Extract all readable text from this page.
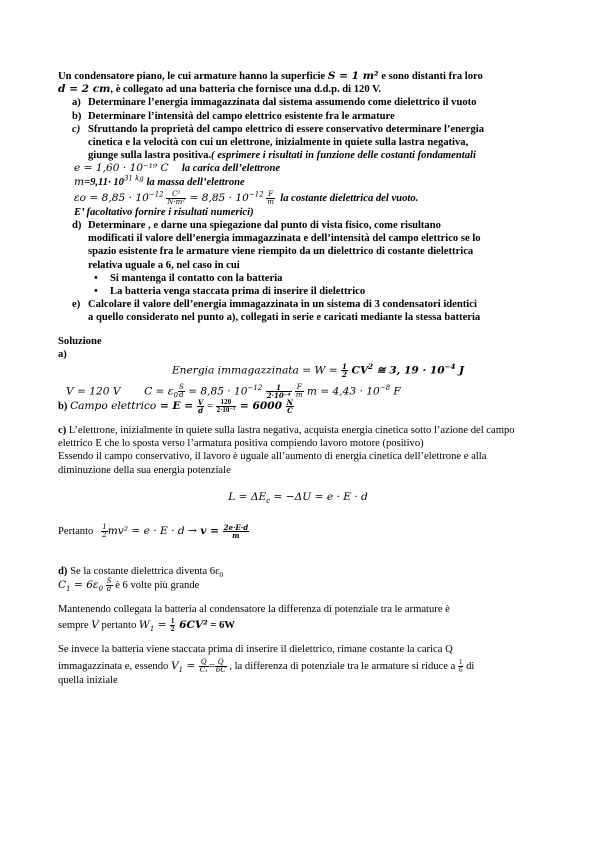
Un condensatore piano, le cui armature hanno la superficie S = 1 m² e sono distanti fra loro
d = 2 cm, è collegato ad una batteria che fornisce una d.d.p. di 120 V.
a) Determinare l’energia immagazzinata dal sistema assumendo come dielettrico il vuoto
b) Determinare l’intensità del campo elettrico esistente fra le armature
c) Sfruttando la proprietà del campo elettrico di essere conservativo determinare l’energia
cinetica e la velocità con cui un elettrone, inizialmente in quiete sulla lastra negativa,
giunge sulla lastra positiva.( esprimere i risultati in funzione delle costanti fondamentali
e = 1,60 · 10⁻¹⁹ C la carica dell’elettrone
$m=9,11\cdot 10^{31 kg}$ la massa dell’elettrone
$\varepsilon o = 8,85 \cdot 10^{-12} \frac{\text{C²}}{\text{N·m²}} = 8,85 \cdot 10^{-12} \frac{F}{m}$ la costante dielettrica del vuoto.
E’ facoltativo fornire i risultati numerici)
d) Determinare , e darne una spiegazione dal punto di vista fisico, come risultano
modificati il valore dell’energia immagazzinata e dell’intensità del campo elettrico se lo
spazio esistente fra le armature viene riempito da un dielettrico di costante dielettrica
relativa uguale a 6, nel caso in cui
• Si mantenga il contatto con la batteria
• La batteria venga staccata prima di inserire il dielettrico
e) Calcolare il valore dell’energia immagazzinata in un sistema di 3 condensatori identici
a quello considerato nel punto a), collegati in serie e caricati mediante la stessa batteria
Soluzione
a)
Energia immagazzinata = $W = \frac{1}{2} CV^2$ ≅ 3, $19 \cdot 10^{-4}$ J
V = 120 V $C = \varepsilon_0 \frac{S}{d} = 8,85 \cdot 10^{-12} \frac{1}{\text{2·10⁻⁴}}$
$\frac{F}{m}$ $m = 4,43 \cdot 10^{-8}$ F
b) Campo elettrico = $E = \frac{V}{d} = \frac{120}{\text{2·10⁻²}} = 6000 \frac{N}{C}$
c) L’elettrone, inizialmente in quiete sulla lastra negativa, acquista energia cinetica sotto l’azione del campo
elettrico E che lo sposta verso l’armatura positiva compiendo lavoro motore (positivo)
Essendo il campo conservativo, il lavoro è uguale all’aumento di energia cinetica dell’elettrone e alla
diminuzione della sua energia potenziale
$L = \Delta E_c = -\Delta U = e \cdot E \cdot d$
Pertanto $\frac{1}{2} mv^2 = e \cdot E \cdot d \to v = \frac{2e\cdot E\cdot d}{m}$
d) Se la costante dielettrica diventa $6\varepsilon_0$
$C_1 = 6\varepsilon_0 \frac{S}{d}$ è 6 volte più grande
Mantenendo collegata la batteria al condensatore la differenza di potenziale tra le armature è
sempre V pertanto $W_1 = \frac{1}{2} 6CV^2 = 6W$
Se invece la batteria viene staccata prima di inserire il dielettrico, rimane costante la carica Q
immagazzinata e, essendo $V_1 = \frac{Q}{\text{C₁}} = \frac{Q}{6C}$ , la differenza di potenziale tra le armature si riduce a $\frac{1}{6}$ di
quella iniziale
